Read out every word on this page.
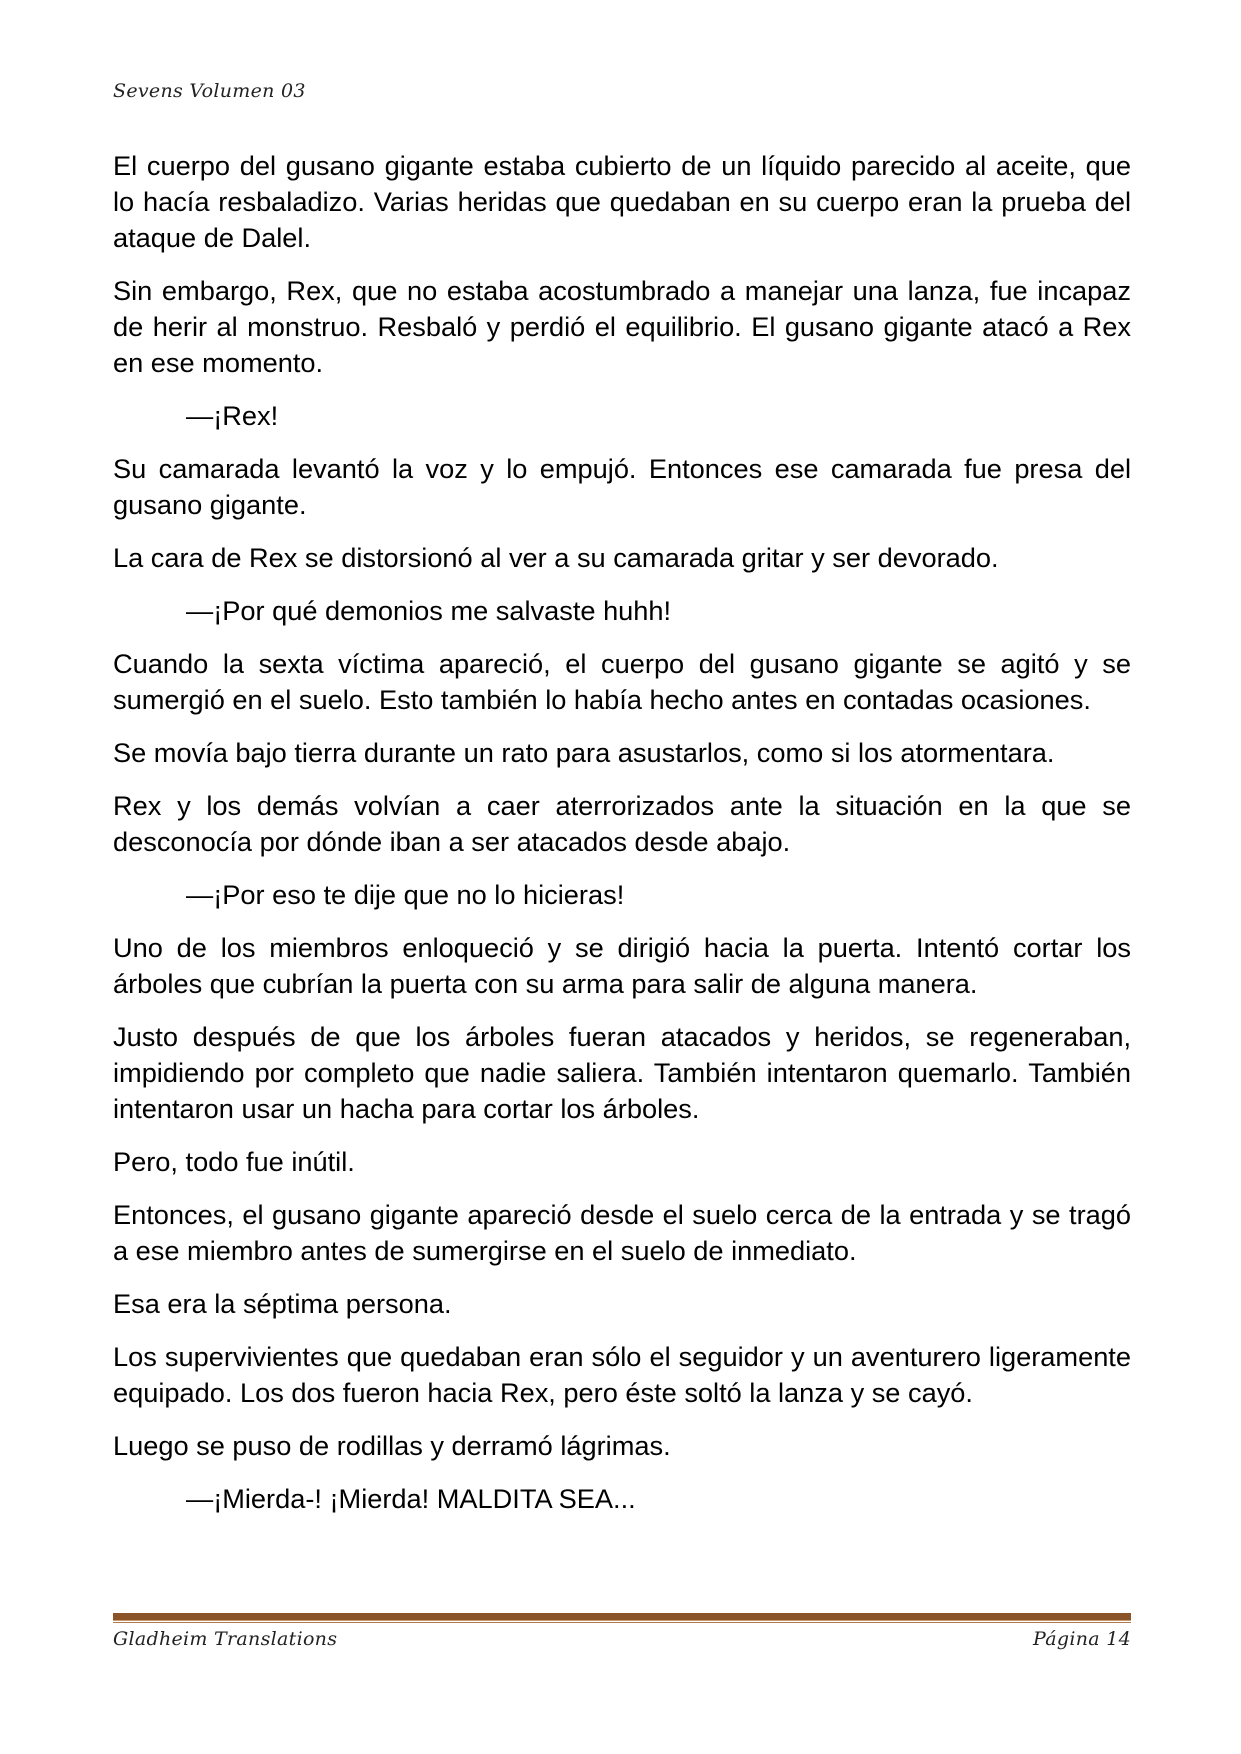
Sevens Volumen 03

El cuerpo del gusano gigante estaba cubierto de un líquido parecido al aceite, que lo hacía resbaladizo. Varias heridas que quedaban en su cuerpo eran la prueba del ataque de Dalel.

Sin embargo, Rex, que no estaba acostumbrado a manejar una lanza, fue incapaz de herir al monstruo. Resbaló y perdió el equilibrio. El gusano gigante atacó a Rex en ese momento.

—¡Rex!

Su camarada levantó la voz y lo empujó. Entonces ese camarada fue presa del gusano gigante.

La cara de Rex se distorsionó al ver a su camarada gritar y ser devorado.

—¡Por qué demonios me salvaste huhh!

Cuando la sexta víctima apareció, el cuerpo del gusano gigante se agitó y se sumergió en el suelo. Esto también lo había hecho antes en contadas ocasiones.

Se movía bajo tierra durante un rato para asustarlos, como si los atormentara.

Rex y los demás volvían a caer aterrorizados ante la situación en la que se desconocía por dónde iban a ser atacados desde abajo.

—¡Por eso te dije que no lo hicieras!

Uno de los miembros enloqueció y se dirigió hacia la puerta. Intentó cortar los árboles que cubrían la puerta con su arma para salir de alguna manera.

Justo después de que los árboles fueran atacados y heridos, se regeneraban, impidiendo por completo que nadie saliera. También intentaron quemarlo. También intentaron usar un hacha para cortar los árboles.

Pero, todo fue inútil.

Entonces, el gusano gigante apareció desde el suelo cerca de la entrada y se tragó a ese miembro antes de sumergirse en el suelo de inmediato.

Esa era la séptima persona.

Los supervivientes que quedaban eran sólo el seguidor y un aventurero ligeramente equipado. Los dos fueron hacia Rex, pero éste soltó la lanza y se cayó.

Luego se puso de rodillas y derramó lágrimas.

—¡Mierda-! ¡Mierda! MALDITA SEA...

Gladheim Translations	Página 14
